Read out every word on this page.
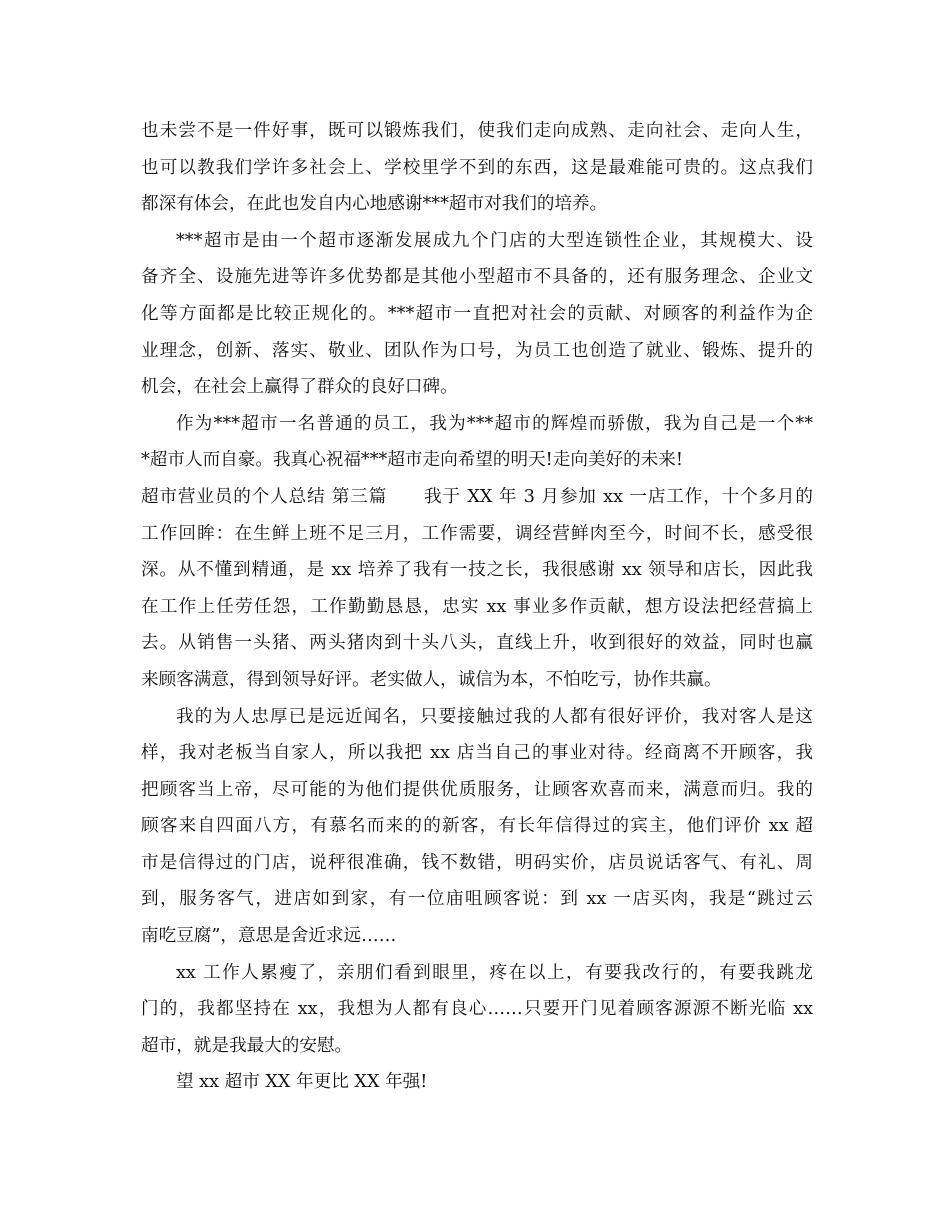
也未尝不是一件好事，既可以锻炼我们，使我们走向成熟、走向社会、走向人生，
也可以教我们学许多社会上、学校里学不到的东西，这是最难能可贵的。这点我们
都深有体会，在此也发自内心地感谢***超市对我们的培养。
***超市是由一个超市逐渐发展成九个门店的大型连锁性企业，其规模大、设
备齐全、设施先进等许多优势都是其他小型超市不具备的，还有服务理念、企业文
化等方面都是比较正规化的。***超市一直把对社会的贡献、对顾客的利益作为企
业理念，创新、落实、敬业、团队作为口号，为员工也创造了就业、锻炼、提升的
机会，在社会上赢得了群众的良好口碑。
作为***超市一名普通的员工，我为***超市的辉煌而骄傲，我为自己是一个**
*超市人而自豪。我真心祝福***超市走向希望的明天!走向美好的未来!
超市营业员的个人总结 第三篇　　我于 XX 年 3 月参加 xx 一店工作，十个多月的
工作回眸：在生鲜上班不足三月，工作需要，调经营鲜肉至今，时间不长，感受很
深。从不懂到精通，是 xx 培养了我有一技之长，我很感谢 xx 领导和店长，因此我
在工作上任劳任怨，工作勤勤恳恳，忠实 xx 事业多作贡献，想方设法把经营搞上
去。从销售一头猪、两头猪肉到十头八头，直线上升，收到很好的效益，同时也赢
来顾客满意，得到领导好评。老实做人，诚信为本，不怕吃亏，协作共赢。
我的为人忠厚已是远近闻名，只要接触过我的人都有很好评价，我对客人是这
样，我对老板当自家人，所以我把 xx 店当自己的事业对待。经商离不开顾客，我
把顾客当上帝，尽可能的为他们提供优质服务，让顾客欢喜而来，满意而归。我的
顾客来自四面八方，有慕名而来的的新客，有长年信得过的宾主，他们评价 xx 超
市是信得过的门店，说秤很准确，钱不数错，明码实价，店员说话客气、有礼、周
到，服务客气，进店如到家，有一位庙咀顾客说：到 xx 一店买肉，我是“跳过云
南吃豆腐”，意思是舍近求远……
xx 工作人累瘦了，亲朋们看到眼里，疼在以上，有要我改行的，有要我跳龙
门的，我都坚持在 xx，我想为人都有良心……只要开门见着顾客源源不断光临 xx
超市，就是我最大的安慰。
望 xx 超市 XX 年更比 XX 年强!
